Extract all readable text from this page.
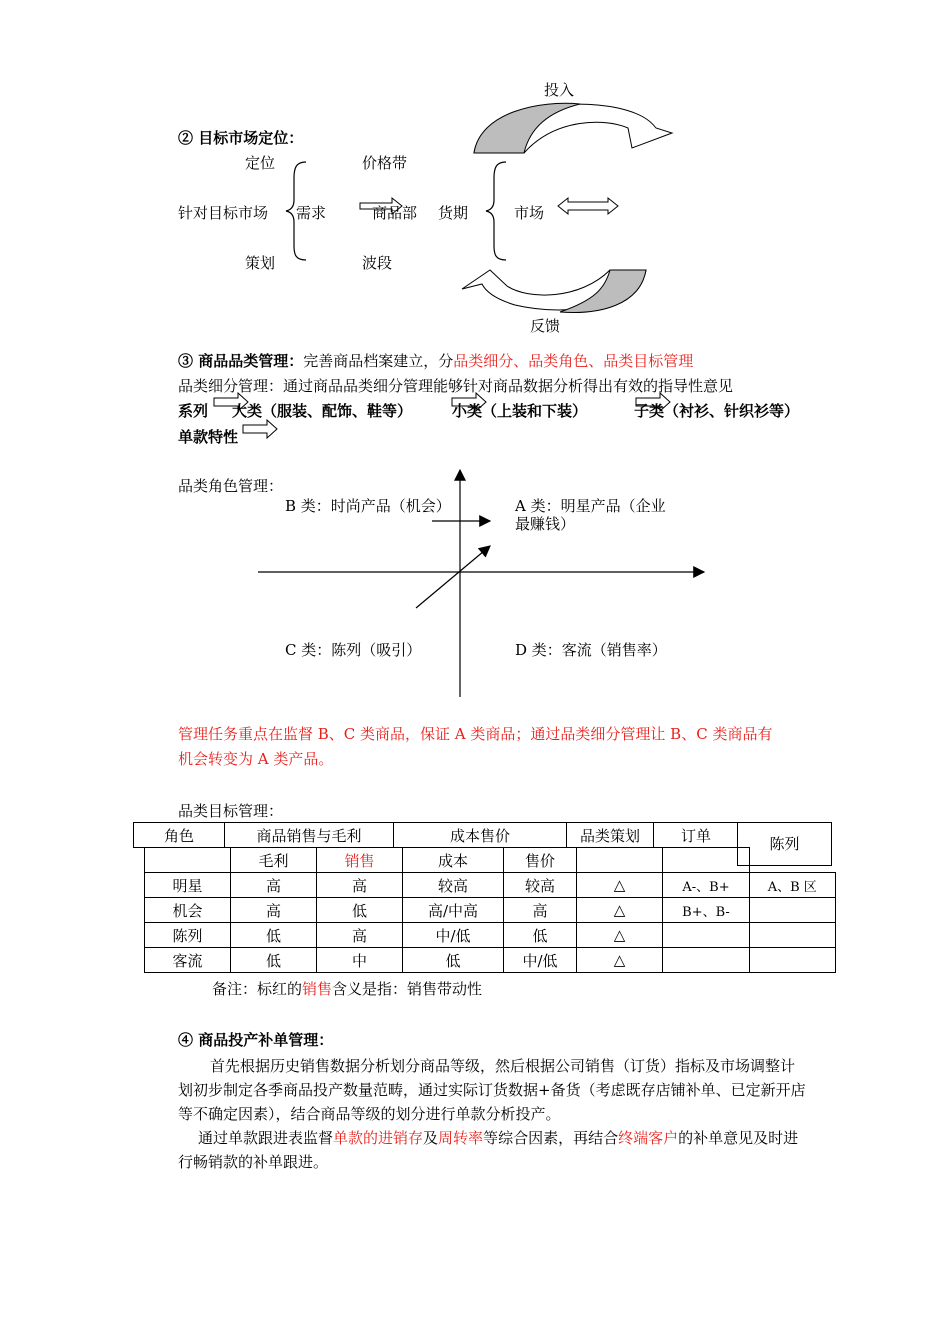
投入
② 目标市场定位：
定位	价格带
针对目标市场 需求	商品部 货期	市场
策划	波段
反馈
③ 商品品类管理：完善商品档案建立，分品类细分、品类角色、品类目标管理
品类细分管理：通过商品品类细分管理能够针对商品数据分析得出有效的指导性意见
系列 大类（服装、配饰、鞋等）	小类（上装和下装）	子类（衬衫、针织衫等）
单款特性
品类角色管理：
B 类：时尚产品（机会）	A 类：明星产品（企业最赚钱）
C 类：陈列（吸引）	D 类：客流（销售率）
管理任务重点在监督 B、C 类商品，保证 A 类商品；通过品类细分管理让 B、C 类商品有
机会转变为 A 类产品。
品类目标管理：
角色	商品销售与毛利	成本售价	品类策划	订单	陈列
	毛利	销售	成本	售价			
明星	高	高	较高	较高	△	A-、B+	A、B 区
机会	高	低	高/中高	高	△	B+、B-	
陈列	低	高	中/低	低	△		
客流	低	中	低	中/低	△		
备注：标红的销售含义是指：销售带动性
④ 商品投产补单管理：
首先根据历史销售数据分析划分商品等级，然后根据公司销售（订货）指标及市场调整计划初步制定各季商品投产数量范畴，通过实际订货数据+备货（考虑既存店铺补单、已定新开店等不确定因素），结合商品等级的划分进行单款分析投产。
通过单款跟进表监督单款的进销存及周转率等综合因素，再结合终端客户的补单意见及时进行畅销款的补单跟进。
